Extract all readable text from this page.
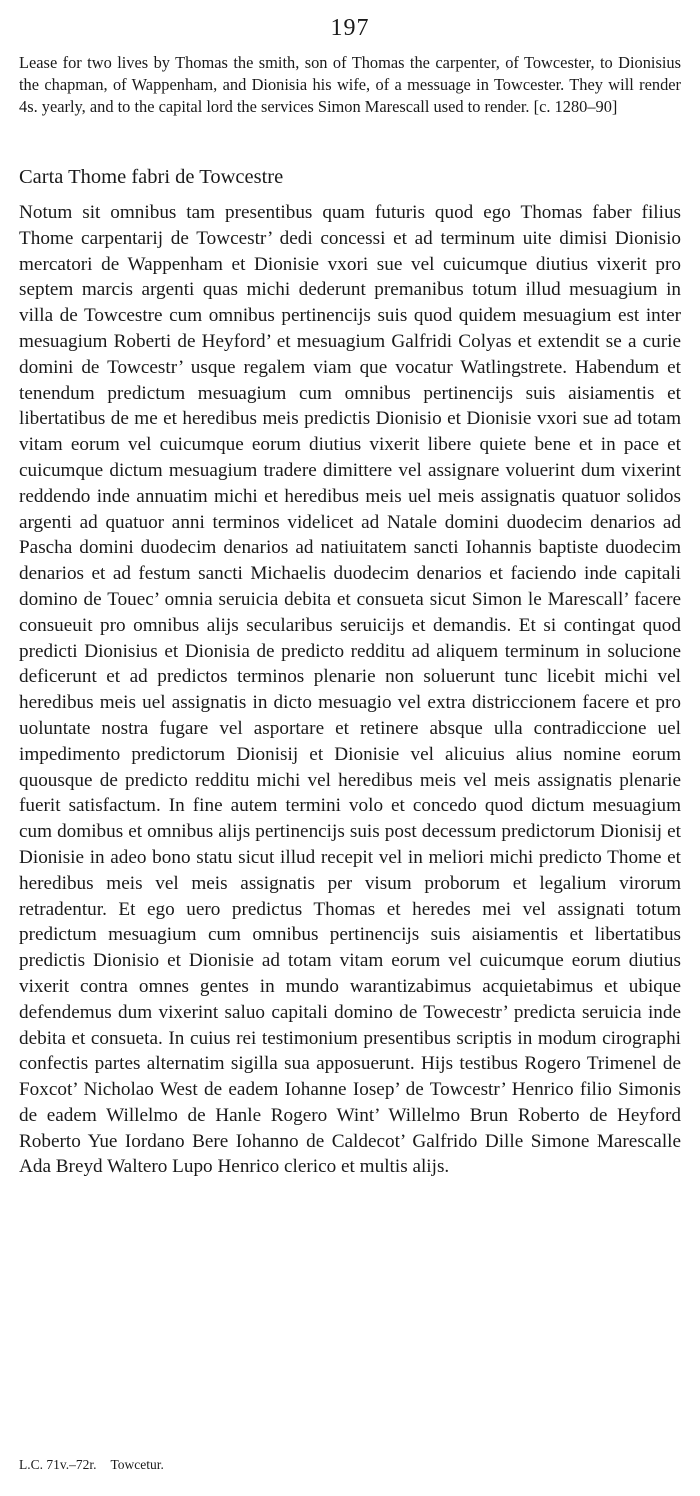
197

Lease for two lives by Thomas the smith, son of Thomas the carpenter, of Towcester, to Dionisius the chapman, of Wappenham, and Dionisia his wife, of a messuage in Towcester. They will render 4s. yearly, and to the capital lord the services Simon Marescall used to render. [c. 1280–90]

Carta Thome fabri de Towcestre

Notum sit omnibus tam presentibus quam futuris quod ego Thomas faber filius Thome carpentarij de Towcestr’ dedi concessi et ad terminum uite dimisi Dionisio mercatori de Wappenham et Dionisie vxori sue vel cuicumque diutius vixerit pro septem marcis argenti quas michi dederunt premanibus totum illud mesuagium in villa de Towcestre cum omnibus pertinencijs suis quod quidem mesuagium est inter mesuagium Roberti de Heyford’ et mesuagium Galfridi Colyas et extendit se a curie domini de Towcestr’ usque regalem viam que vocatur Watlingstrete. Habendum et tenendum predictum mesuagium cum omnibus pertinencijs suis aisiamentis et libertatibus de me et heredibus meis predictis Dionisio et Dionisie vxori sue ad totam vitam eorum vel cuicumque eorum diutius vixerit libere quiete bene et in pace et cuicumque dictum mesuagium tradere dimittere vel assignare voluerint dum vixerint reddendo inde annuatim michi et heredibus meis uel meis assignatis quatuor solidos argenti ad quatuor anni terminos videlicet ad Natale domini duodecim denarios ad Pascha domini duodecim denarios ad natiuitatem sancti Iohannis baptiste duodecim denarios et ad festum sancti Michaelis duodecim denarios et faciendo inde capitali domino de Touec’ omnia seruicia debita et consueta sicut Simon le Marescall’ facere consueuit pro omnibus alijs secularibus seruicijs et demandis. Et si contingat quod predicti Dionisius et Dionisia de predicto redditu ad aliquem terminum in solucione deficerunt et ad predictos terminos plenarie non soluerunt tunc licebit michi vel heredibus meis uel assignatis in dicto mesuagio vel extra districcionem facere et pro uoluntate nostra fugare vel asportare et retinere absque ulla contradiccione uel impedimento predictorum Dionisij et Dionisie vel alicuius alius nomine eorum quousque de predicto redditu michi vel heredibus meis vel meis assignatis plenarie fuerit satisfactum. In fine autem termini volo et concedo quod dictum mesuagium cum domibus et omnibus alijs pertinencijs suis post decessum predictorum Dionisij et Dionisie in adeo bono statu sicut illud recepit vel in meliori michi predicto Thome et heredibus meis vel meis assignatis per visum proborum et legalium virorum retradentur. Et ego uero predictus Thomas et heredes mei vel assignati totum predictum mesuagium cum omnibus pertinencijs suis aisiamentis et libertatibus predictis Dionisio et Dionisie ad totam vitam eorum vel cuicumque eorum diutius vixerit contra omnes gentes in mundo warantizabimus acquietabimus et ubique defendemus dum vixerint saluo capitali domino de Towecestr’ predicta seruicia inde debita et consueta. In cuius rei testimonium presentibus scriptis in modum cirographi confectis partes alternatim sigilla sua apposuerunt. Hijs testibus Rogero Trimenel de Foxcot’ Nicholao West de eadem Iohanne Iosep’ de Towcestr’ Henrico filio Simonis de eadem Willelmo de Hanle Rogero Wint’ Willelmo Brun Roberto de Heyford Roberto Yue Iordano Bere Iohanno de Caldecot’ Galfrido Dille Simone Marescalle Ada Breyd Waltero Lupo Henrico clerico et multis alijs.

L.C. 71v.–72r. Towcetur.
